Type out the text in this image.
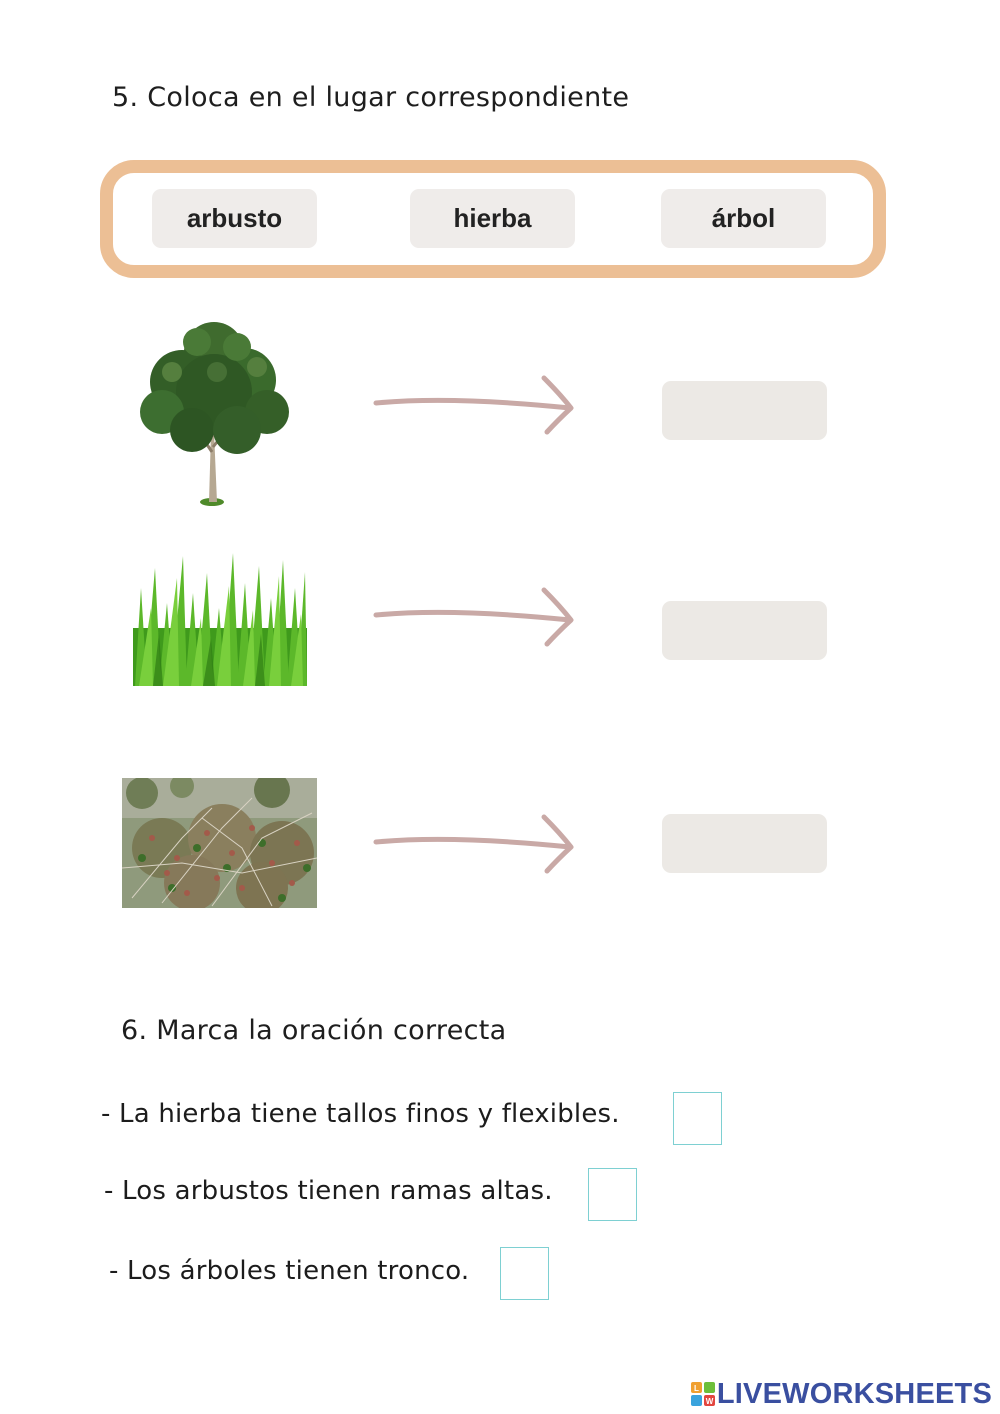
5. Coloca en el lugar correspondiente
arbusto	hierba	árbol
6. Marca la oración correcta
- La hierba tiene tallos finos y flexibles.
- Los arbustos tienen ramas altas.
- Los árboles tienen tronco.
L
W LIVEWORKSHEETS
